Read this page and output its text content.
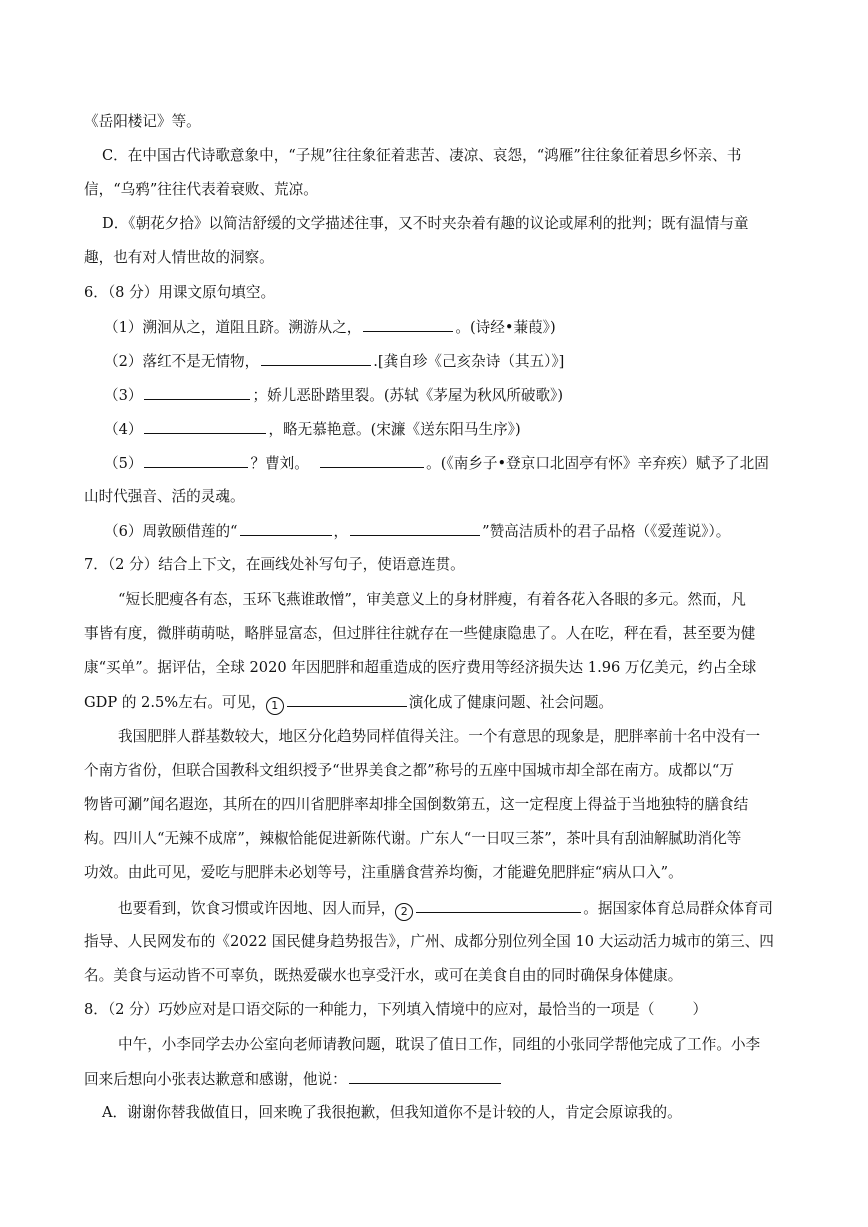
《岳阳楼记》等。
C．在中国古代诗歌意象中，“子规”往往象征着悲苦、凄凉、哀怨，“鸿雁”往往象征着思乡怀亲、书
信，“乌鸦”往往代表着衰败、荒凉。
D．《朝花夕拾》以简洁舒缓的文学描述往事，又不时夹杂着有趣的议论或犀利的批判；既有温情与童
趣，也有对人情世故的洞察。
6．（8 分）用课文原句填空。
（1）溯洄从之，道阻且跻。溯游从之，	。(诗经•蒹葭》)
（2）落红不是无情物，	.[龚自珍《己亥杂诗（其五）》]
（3）	；娇儿恶卧踏里裂。(苏轼《茅屋为秋风所破歌》)
（4）	，略无慕艳意。(宋濂《送东阳马生序》)
（5）	？曹刘。	。(《南乡子•登京口北固亭有怀》辛弃疾）赋予了北固
山时代强音、活的灵魂。
（6）周敦颐借莲的“	，	”赞高洁质朴的君子品格（《爱莲说》）。
7．（2 分）结合上下文，在画线处补写句子，使语意连贯。
“短长肥瘦各有态，玉环飞燕谁敢憎”，审美意义上的身材胖瘦，有着各花入各眼的多元。然而，凡
事皆有度，微胖萌萌哒，略胖显富态，但过胖往往就存在一些健康隐患了。人在吃，秤在看，甚至要为健
康“买单”。据评估，全球 2020 年因肥胖和超重造成的医疗费用等经济损失达 1.96 万亿美元，约占全球
GDP 的 2.5%左右。可见， 1	演化成了健康问题、社会问题。
我国肥胖人群基数较大，地区分化趋势同样值得关注。一个有意思的现象是，肥胖率前十名中没有一
个南方省份，但联合国教科文组织授予“世界美食之都”称号的五座中国城市却全部在南方。成都以“万
物皆可涮”闻名遐迩，其所在的四川省肥胖率却排全国倒数第五，这一定程度上得益于当地独特的膳食结
构。四川人“无辣不成席”，辣椒恰能促进新陈代谢。广东人“一日叹三茶”，茶叶具有刮油解腻助消化等
功效。由此可见，爱吃与肥胖未必划等号，注重膳食营养均衡，才能避免肥胖症“病从口入”。
也要看到，饮食习惯或许因地、因人而异， 2	。据国家体育总局群众体育司
指导、人民网发布的《2022 国民健身趋势报告》，广州、成都分别位列全国 10 大运动活力城市的第三、四
名。美食与运动皆不可辜负，既热爱碳水也享受汗水，或可在美食自由的同时确保身体健康。
8．（2 分）巧妙应对是口语交际的一种能力，下列填入情境中的应对，最恰当的一项是（	）
中午，小李同学去办公室向老师请教问题，耽误了值日工作，同组的小张同学帮他完成了工作。小李
回来后想向小张表达歉意和感谢，他说：
A．谢谢你替我做值日，回来晚了我很抱歉，但我知道你不是计较的人，肯定会原谅我的。
